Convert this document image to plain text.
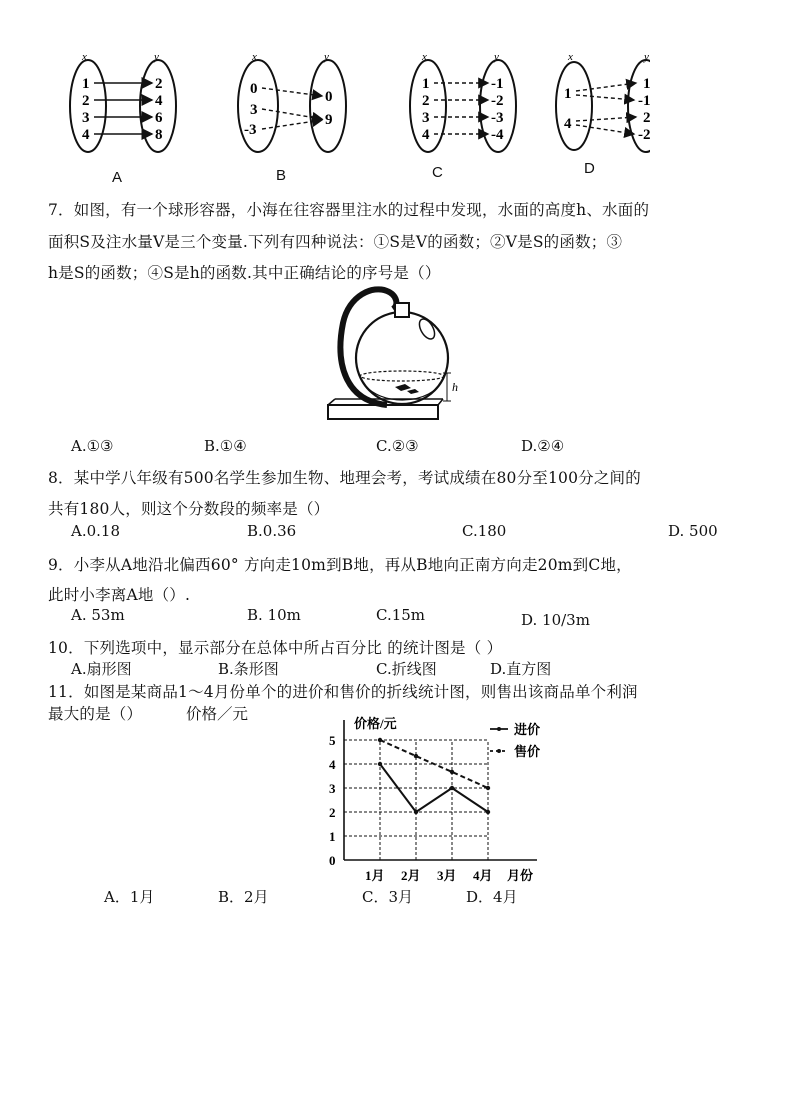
x	y
1
2
3
4
2
4
6
8
x	y
0
3
-3
0
9
x	y
1
2
3
4
-1
-2
-3
-4
x	y
1
4
1
-1
2
-2
A	B	C	D
7．如图，有一个球形容器，小海在往容器里注水的过程中发现，水面的高度h、水面的
面积S及注水量V是三个变量.下列有四种说法：①S是V的函数；②V是S的函数；③
h是S的函数；④S是h的函数.其中正确结论的序号是（）
h
A.①③	B.①④	C.②③	D.②④
8．某中学八年级有500名学生参加生物、地理会考，考试成绩在80分至100分之间的
共有180人，则这个分数段的频率是（）
A.0.18	B.0.36	C.180	D. 500
9．小李从A地沿北偏西60° 方向走10m到B地，再从B地向正南方向走20m到C地，
此时小李离A地（）.
A. 53m	B. 10m	C.15m	D. 10/3m
10．下列选项中，显示部分在总体中所占百分比 的统计图是（ ）
A.扇形图	B.条形图	C.折线图	D.直方图
11．如图是某商品1～4月份单个的进价和售价的折线统计图，则售出该商品单个利润
最大的是（）	价格／元
0
1
2
3
4
5
1月 2月 3月 4月 月份
价格/元	进价
售价
A．1月	B．2月	C．3月	D．4月
